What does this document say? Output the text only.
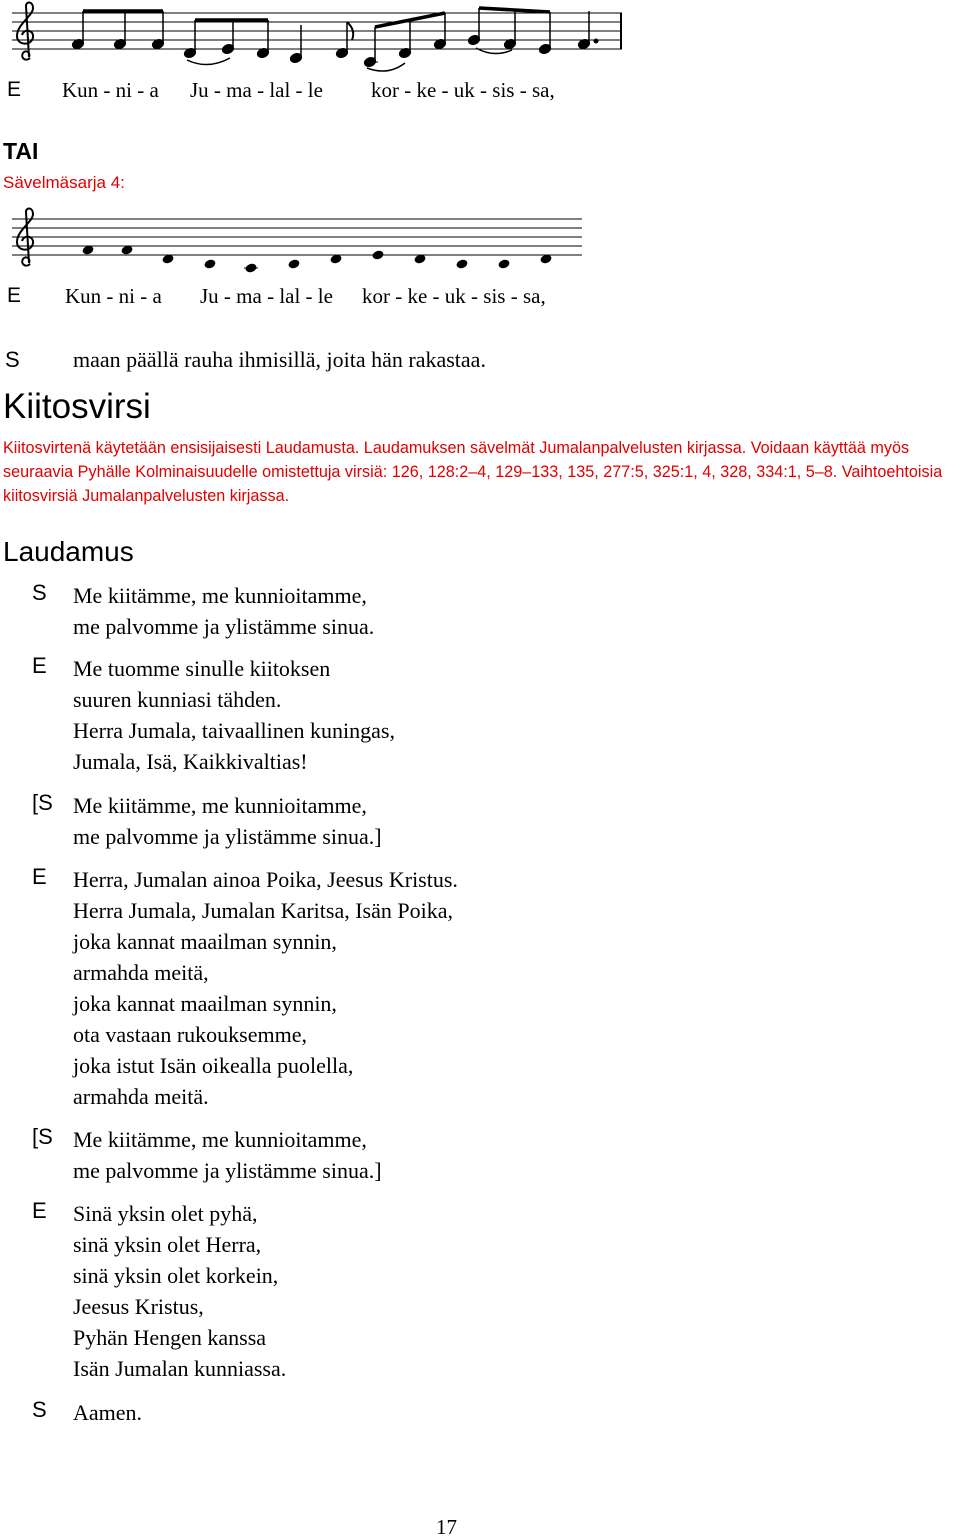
E Kun - ni - a Ju - ma - lal - le kor - ke - uk - sis - sa,
TAI
Sävelmäsarja 4:
E Kun - ni - a Ju - ma - lal - le kor - ke - uk - sis - sa,
S maan päällä rauha ihmisillä, joita hän rakastaa.
Kiitosvirsi

Kiitosvirtenä käytetään ensisijaisesti Laudamusta. Laudamuksen sävelmät Jumalanpalvelusten kirjassa. Voidaan käyttää myös seuraavia Pyhälle Kolminaisuudelle omistettuja virsiä: 126, 128:2–4, 129–133, 135, 277:5, 325:1, 4, 328, 334:1, 5–8. Vaihtoehtoisia kiitosvirsiä Jumalanpalvelusten kirjassa.

Laudamus
S Me kiitämme, me kunnioitamme,
me palvomme ja ylistämme sinua.
E Me tuomme sinulle kiitoksen
suuren kunniasi tähden.
Herra Jumala, taivaallinen kuningas,
Jumala, Isä, Kaikkivaltias!
[S Me kiitämme, me kunnioitamme,
me palvomme ja ylistämme sinua.]
E Herra, Jumalan ainoa Poika, Jeesus Kristus.
Herra Jumala, Jumalan Karitsa, Isän Poika,
joka kannat maailman synnin,
armahda meitä,
joka kannat maailman synnin,
ota vastaan rukouksemme,
joka istut Isän oikealla puolella,
armahda meitä.
[S Me kiitämme, me kunnioitamme,
me palvomme ja ylistämme sinua.]
E Sinä yksin olet pyhä,
sinä yksin olet Herra,
sinä yksin olet korkein,
Jeesus Kristus,
Pyhän Hengen kanssa
Isän Jumalan kunniassa.
S Aamen.
17
